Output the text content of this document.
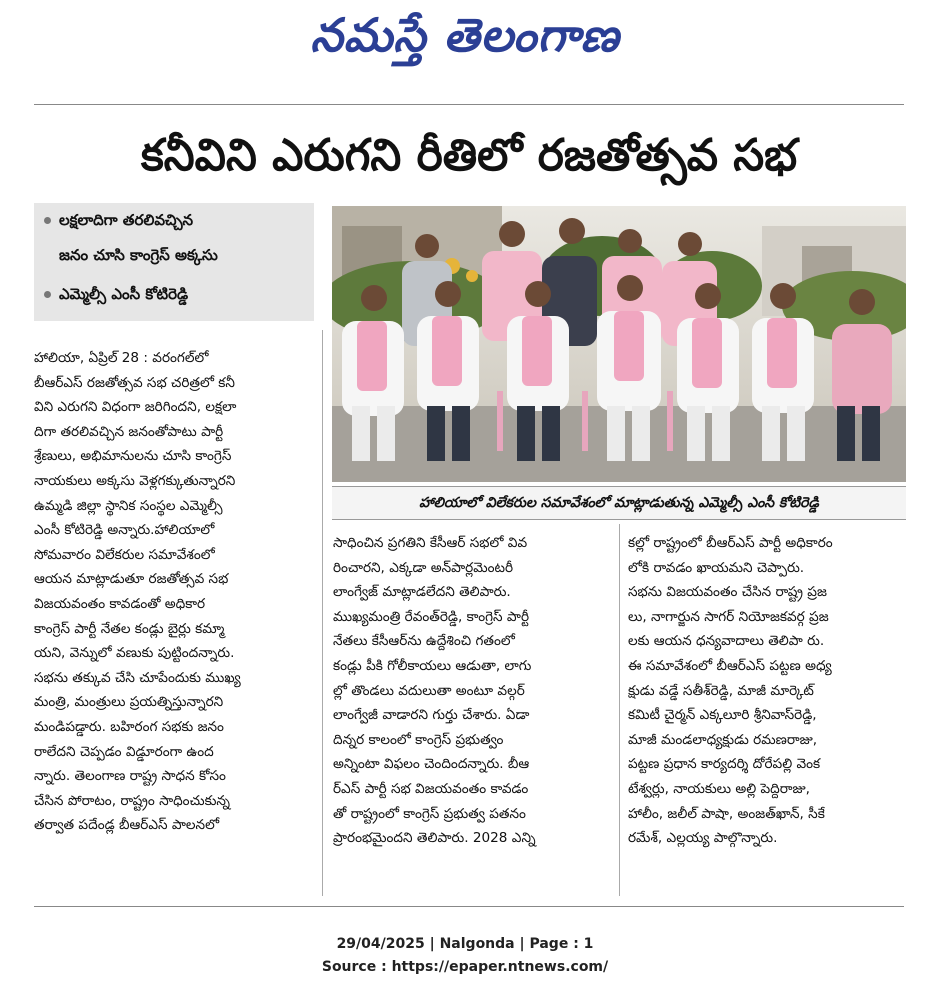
నమస్తే తెలంగాణ
కనీవిని ఎరుగని రీతిలో రజతోత్సవ సభ
లక్షలాదిగా తరలివచ్చిన
జనం చూసి కాంగ్రెస్ అక్కసు
ఎమ్మెల్సీ ఎంసీ కోటిరెడ్డి
హాలియాలో విలేకరుల సమావేశంలో మాట్లాడుతున్న ఎమ్మెల్సీ ఎంసీ కోటిరెడ్డి

హాలియా, ఏప్రిల్ 28 : వరంగల్‌లో

బీఆర్‌ఎస్ రజతోత్సవ సభ చరిత్రలో కనీ

విని ఎరుగని విధంగా జరిగిందని, లక్షలా

దిగా తరలివచ్చిన జనంతోపాటు పార్టీ

శ్రేణులు, అభిమానులను చూసి కాంగ్రెస్

నాయకులు అక్కసు వెళ్లగక్కుతున్నారని

ఉమ్మడి జిల్లా స్థానిక సంస్థల ఎమ్మెల్సీ

ఎంసీ కోటిరెడ్డి అన్నారు.హాలియాలో

సోమవారం విలేకరుల సమావేశంలో

ఆయన మాట్లాడుతూ రజతోత్సవ సభ

విజయవంతం కావడంతో అధికార

కాంగ్రెస్ పార్టీ నేతల కండ్లు బైర్లు కమ్మా

యని, వెన్నులో వణుకు పుట్టిందన్నారు.

సభను తక్కువ చేసి చూపేందుకు ముఖ్య

మంత్రి, మంత్రులు ప్రయత్నిస్తున్నారని

మండిపడ్డారు. బహిరంగ సభకు జనం

రాలేదని చెప్పడం విడ్డూరంగా ఉంద

న్నారు. తెలంగాణ రాష్ట్ర సాధన కోసం

చేసిన పోరాటం, రాష్ట్రం సాధించుకున్న

తర్వాత పదేండ్ల బీఆర్‌ఎస్ పాలనలో

సాధించిన ప్రగతిని కేసీఆర్ సభలో వివ

రించారని, ఎక్కడా అన్‌పార్లమెంటరీ

లాంగ్వేజ్ మాట్లాడలేదని తెలిపారు.

ముఖ్యమంత్రి రేవంత్‌రెడ్డి, కాంగ్రెస్ పార్టీ

నేతలు కేసీఆర్‌ను ఉద్దేశించి గతంలో

కండ్లు పీకి గోలీకాయలు ఆడుతా, లాగు

ల్లో తొండలు వదులుతా అంటూ వల్గర్

లాంగ్వేజీ వాడారని గుర్తు చేశారు. ఏడా

దిన్నర కాలంలో కాంగ్రెస్ ప్రభుత్వం

అన్నింటా విఫలం చెందిందన్నారు. బీఆ

ర్‌ఎస్ పార్టీ సభ విజయవంతం కావడం

తో రాష్ట్రంలో కాంగ్రెస్ ప్రభుత్వ పతనం

ప్రారంభమైందని తెలిపారు. 2028 ఎన్ని

కల్లో రాష్ట్రంలో బీఆర్‌ఎస్ పార్టీ అధికారం

లోకి రావడం ఖాయమని చెప్పారు.

సభను విజయవంతం చేసిన రాష్ట్ర ప్రజ

లు, నాగార్జున సాగర్ నియోజకవర్గ ప్రజ

లకు ఆయన ధన్యవాదాలు తెలిపా రు.

ఈ సమావేశంలో బీఆర్‌ఎస్ పట్టణ అధ్య

క్షుడు వడ్డే సతీశ్‌రెడ్డి, మాజీ మార్కెట్

కమిటీ చైర్మన్ ఎక్కలూరి శ్రీనివాస్‌రెడ్డి,

మాజీ మండలాధ్యక్షుడు రమణరాజు,

పట్టణ ప్రధాన కార్యదర్శి దోరేపల్లి వెంక

టేశ్వర్లు, నాయకులు అల్లి పెద్దిరాజు,

హాలీం, జలీల్ పాషా, అంజత్‌ఖాన్, సీకే

రమేశ్, ఎల్లయ్య పాల్గొన్నారు.

29/04/2025 | Nalgonda | Page : 1
Source : https://epaper.ntnews.com/
